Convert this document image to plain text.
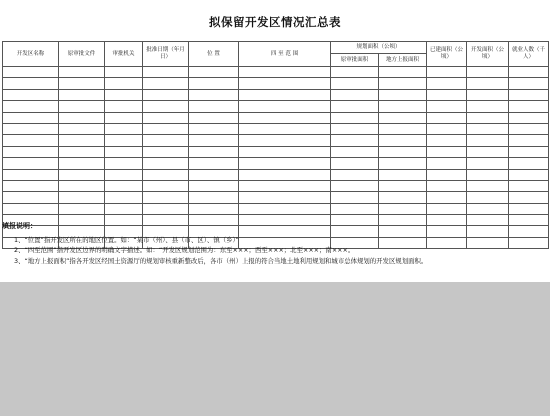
拟保留开发区情况汇总表
开发区名称	原审批文件	审批机关	批准日期（年月日）	位 置	四 至 范 围	规划面积（公顷）		已建面积（公顷）	开发面积（公顷）	就业人数（千人）
						原审批面积	地方上报面积			

填报说明：
1、“位置”指开发区所在的地区位置。如：“某市（州）、县（市、区）、镇（乡）”
2、“四至范围”指开发区边界的明确文字描述。如：“开发区规划范围为：东至×××；西至×××；北至×××；南×××。
3、“地方上报面积”指各开发区经国土资源厅的规划审核重新整改后，各市（州）上报的符合当地土地利用规划和城市总体规划的开发区规划面积。
